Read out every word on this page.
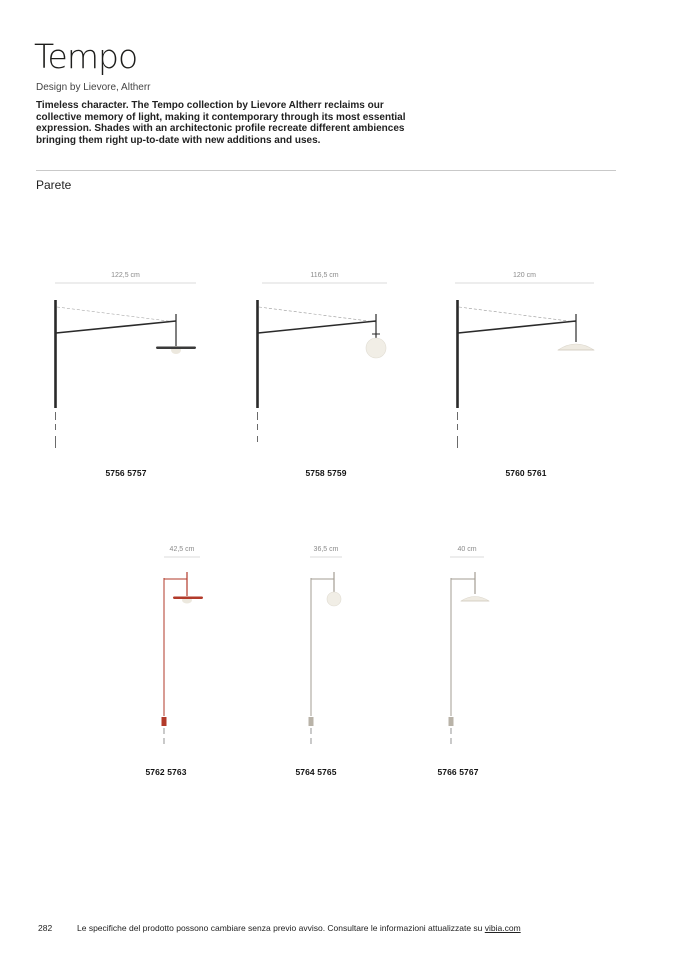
Tempo
Design by Lievore, Altherr

Timeless character. The Tempo collection by Lievore Altherr reclaims our collective memory of light, making it contemporary through its most essential expression. Shades with an architectonic profile recreate different ambiences bringing them right up-to-date with new additions and uses.

Parete
122,5 cm
5756 5757
116,5 cm
5758 5759
120 cm
5760 5761
42,5 cm
5762 5763
36,5 cm
5764 5765
40 cm
5766 5767
282	Le specifiche del prodotto possono cambiare senza previo avviso. Consultare le informazioni attualizzate su vibia.com
